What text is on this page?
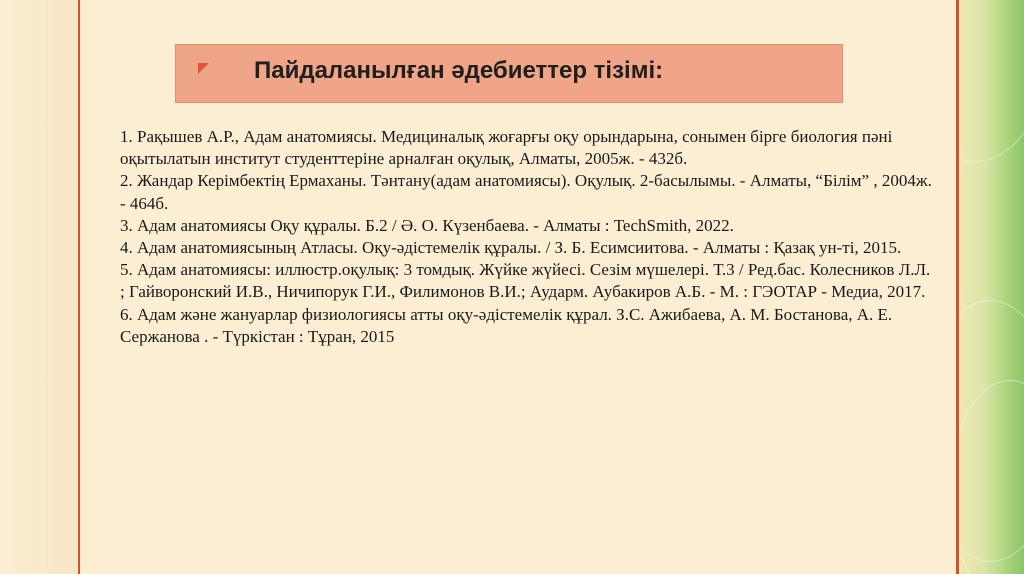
Пайдаланылған әдебиеттер тізімі:
1. Рақышев А.Р., Адам анатомиясы. Медициналық жоғарғы оқу орындарына, сонымен бірге биология пәні оқытылатын институт студенттеріне арналған оқулық, Алматы, 2005ж. - 432б.
2. Жандар Керімбектің Ермаханы. Тәнтану(адам анатомиясы). Оқулық. 2-басылымы. - Алматы, “Білім” , 2004ж. - 464б.
3. Адам анатомиясы Оқу құралы. Б.2 / Ә. О. Күзенбаева. - Алматы : TechSmith, 2022.
4. Адам анатомиясының Атласы. Оқу-әдістемелік құралы. / З. Б. Есимсиитова. - Алматы : Қазақ ун-ті, 2015.
5. Адам анатомиясы: иллюстр.оқулық: 3 томдық. Жүйке жүйесі. Сезім мүшелері. Т.3 / Ред.бас. Колесников Л.Л. ; Гайворонский И.В., Ничипорук Г.И., Филимонов В.И.; Аударм. Аубакиров А.Б. - М. : ГЭОТАР - Медиа, 2017.
6. Адам және жануарлар физиологиясы атты оқу-әдістемелік құрал. З.С. Ажибаева, А. М. Бостанова, А. Е. Сержанова . - Түркістан : Тұран, 2015
